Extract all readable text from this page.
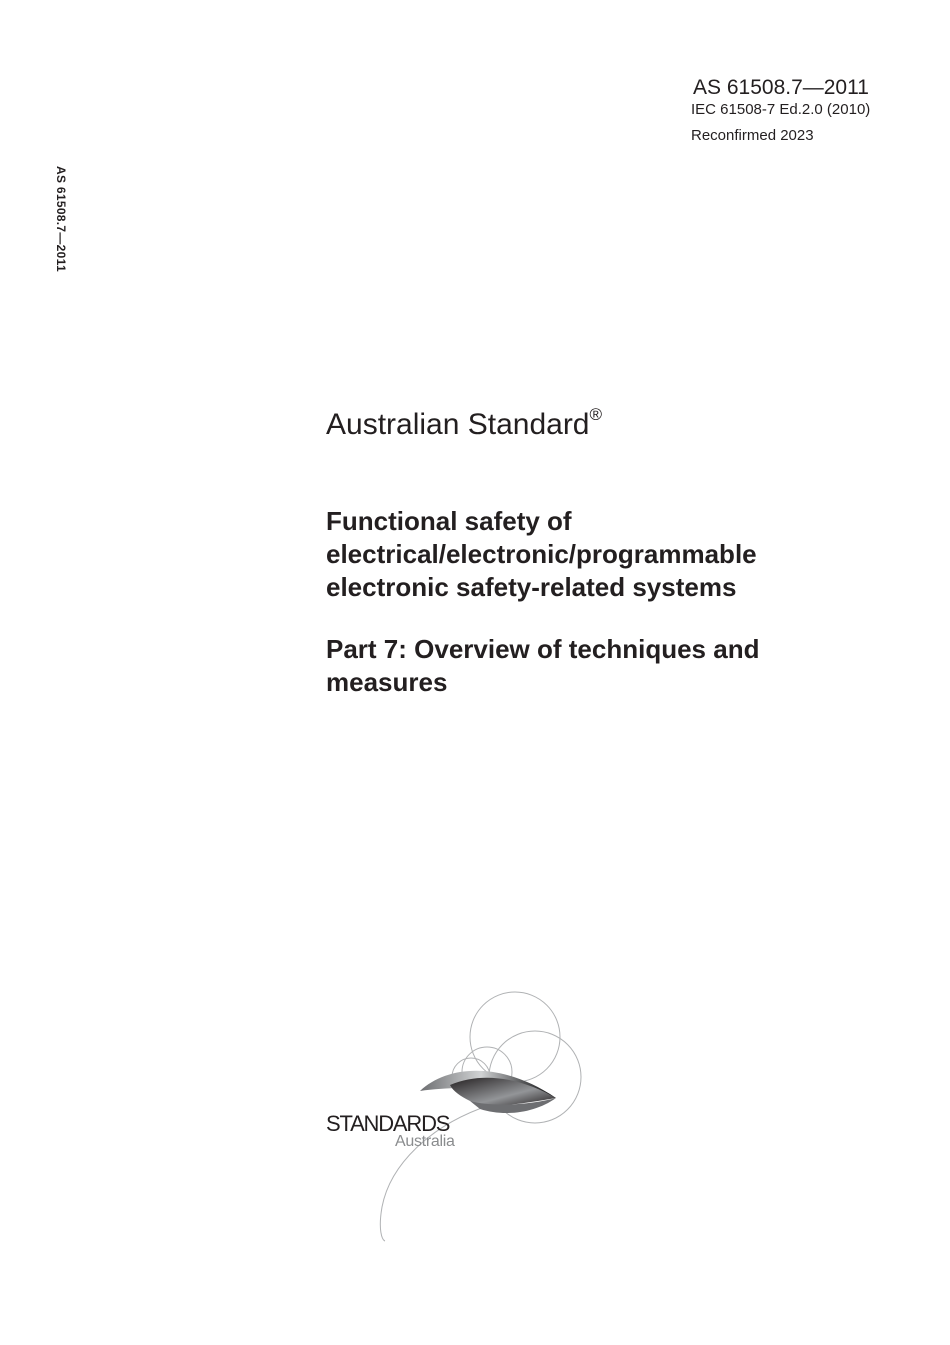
AS 61508.7—2011
IEC 61508-7 Ed.2.0 (2010)
Reconfirmed 2023
AS 61508.7—2011
Australian Standard®
Functional safety of
electrical/electronic/programmable
electronic safety-related systems
Part 7: Overview of techniques and
measures
STANDARDS
Australia
